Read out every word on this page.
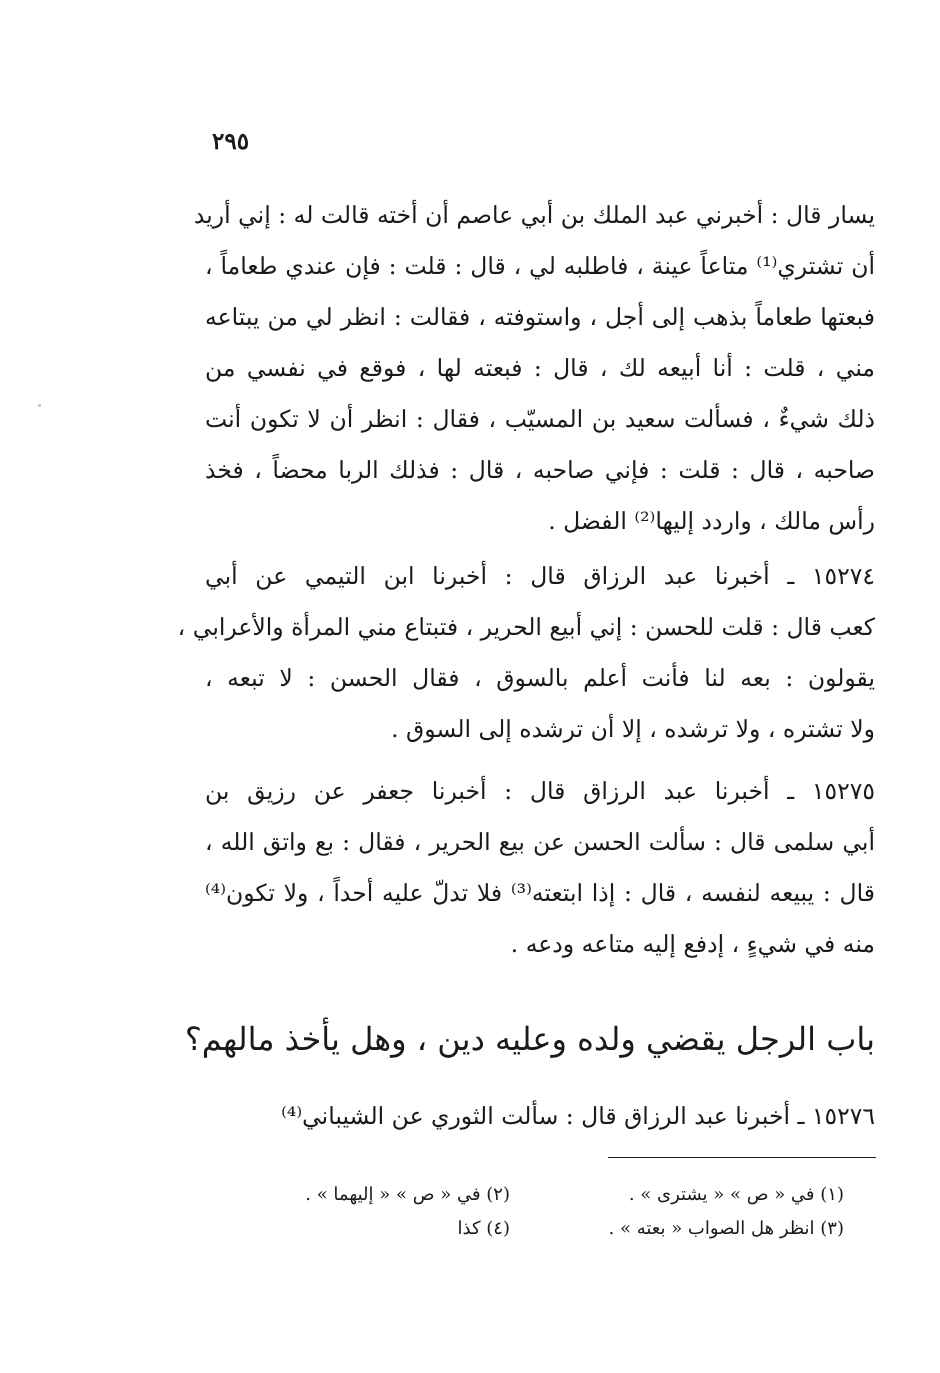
٢٩٥
يسار قال : أخبرني عبد الملك بن أبي عاصم أن أخته قالت له : إني أريد
أن تشتري⁽¹⁾ متاعاً عينة ، فاطلبه لي ، قال : قلت : فإن عندي طعاماً ،
فبعتها طعاماً بذهب إلى أجل ، واستوفته ، فقالت : انظر لي من يبتاعه
مني ، قلت : أنا أبيعه لك ، قال : فبعته لها ، فوقع في نفسي من
ذلك شيءٌ ، فسألت سعيد بن المسيّب ، فقال : انظر أن لا تكون أنت
صاحبه ، قال : قلت : فإني صاحبه ، قال : فذلك الربا محضاً ، فخذ
رأس مالك ، واردد إليها⁽²⁾ الفضل .
١٥٢٧٤ ـ أخبرنا عبد الرزاق قال : أخبرنا ابن التيمي عن أبي
كعب قال : قلت للحسن : إني أبيع الحرير ، فتبتاع مني المرأة والأعرابي ،
يقولون : بعه لنا فأنت أعلم بالسوق ، فقال الحسن : لا تبعه ،
ولا تشتره ، ولا ترشده ، إلا أن ترشده إلى السوق .
١٥٢٧٥ ـ أخبرنا عبد الرزاق قال : أخبرنا جعفر عن رزيق بن
أبي سلمى قال : سألت الحسن عن بيع الحرير ، فقال : بع واتق الله ،
قال : يبيعه لنفسه ، قال : إذا ابتعته⁽³⁾ فلا تدلّ عليه أحداً ، ولا تكون⁽⁴⁾
منه في شيءٍ ، إدفع إليه متاعه ودعه .
باب الرجل يقضي ولده وعليه دين ، وهل يأخذ مالهم؟
١٥٢٧٦ ـ أخبرنا عبد الرزاق قال : سألت الثوري عن الشيباني⁽⁴⁾
(١) في « ص » « يشترى » .
(٢) في « ص » « إليهما » .
(٣) انظر هل الصواب « بعته » .
(٤) كذا
